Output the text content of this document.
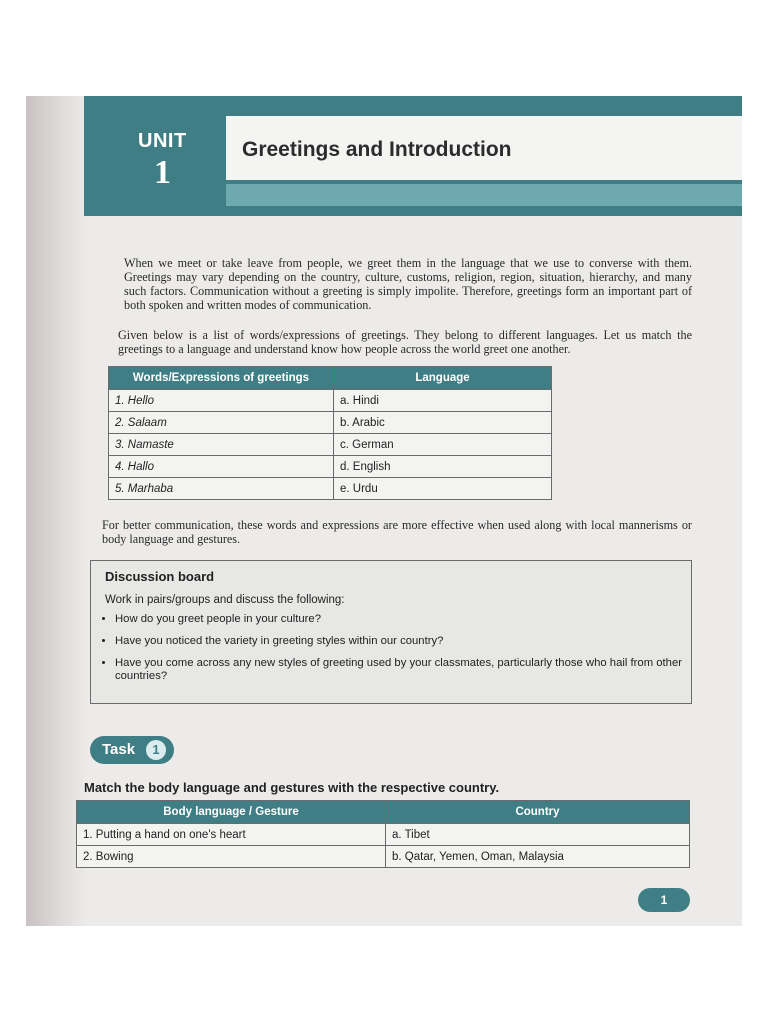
UNIT
1
Greetings and Introduction

When we meet or take leave from people, we greet them in the language that we use to converse with them. Greetings may vary depending on the country, culture, customs, religion, region, situation, hierarchy, and many such factors. Communication without a greeting is simply impolite. Therefore, greetings form an important part of both spoken and written modes of communication.

Given below is a list of words/expressions of greetings. They belong to different languages. Let us match the greetings to a language and understand know how people across the world greet one another.

Words/Expressions of greetings	Language
1. Hello	a. Hindi
2. Salaam	b. Arabic
3. Namaste	c. German
4. Hallo	d. English
5. Marhaba	e. Urdu

For better communication, these words and expressions are more effective when used along with local mannerisms or body language and gestures.

Discussion board
Work in pairs/groups and discuss the following:
• How do you greet people in your culture?
• Have you noticed the variety in greeting styles within our country?
• Have you come across any new styles of greeting used by your classmates, particularly those who hail from other countries?
Task	1
Match the body language and gestures with the respective country.
Body language / Gesture	Country
1. Putting a hand on one's heart	a. Tibet
2. Bowing	b. Qatar, Yemen, Oman, Malaysia
1
